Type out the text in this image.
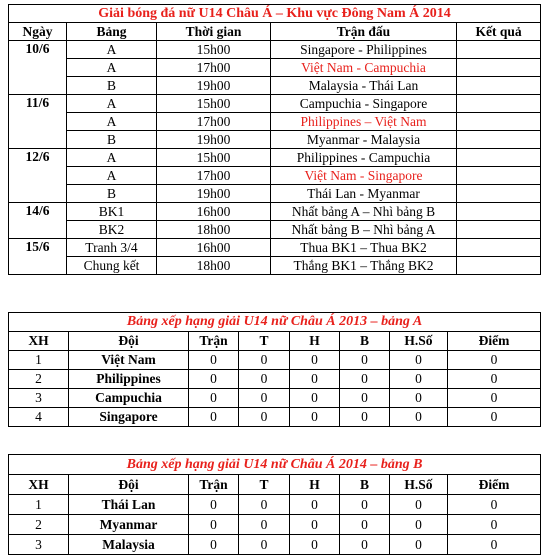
Giải bóng đá nữ U14 Châu Á – Khu vực Đông Nam Á 2014				
Ngày	Bảng	Thời gian	Trận đấu	Kết quả
10/6	A	15h00	Singapore - Philippines	
	A	17h00	Việt Nam - Campuchia	
	B	19h00	Malaysia - Thái Lan	
11/6	A	15h00	Campuchia - Singapore	
	A	17h00	Philippines – Việt Nam	
	B	19h00	Myanmar - Malaysia	
12/6	A	15h00	Philippines - Campuchia	
	A	17h00	Việt Nam - Singapore	
	B	19h00	Thái Lan - Myanmar	
14/6	BK1	16h00	Nhất bảng A – Nhì bảng B	
	BK2	18h00	Nhất bảng B – Nhì bảng A	
15/6	Tranh 3/4	16h00	Thua BK1 – Thua BK2	
	Chung kết	18h00	Thắng BK1 – Thắng BK2	
Bảng xếp hạng giải U14 nữ Châu Á 2013 – bảng A							
XH	Đội	Trận	T	H	B	H.Số	Điểm
1	Việt Nam	0	0	0	0	0	0
2	Philippines	0	0	0	0	0	0
3	Campuchia	0	0	0	0	0	0
4	Singapore	0	0	0	0	0	0
Bảng xếp hạng giải U14 nữ Châu Á 2014 – bảng B							
XH	Đội	Trận	T	H	B	H.Số	Điểm
1	Thái Lan	0	0	0	0	0	0
2	Myanmar	0	0	0	0	0	0
3	Malaysia	0	0	0	0	0	0
